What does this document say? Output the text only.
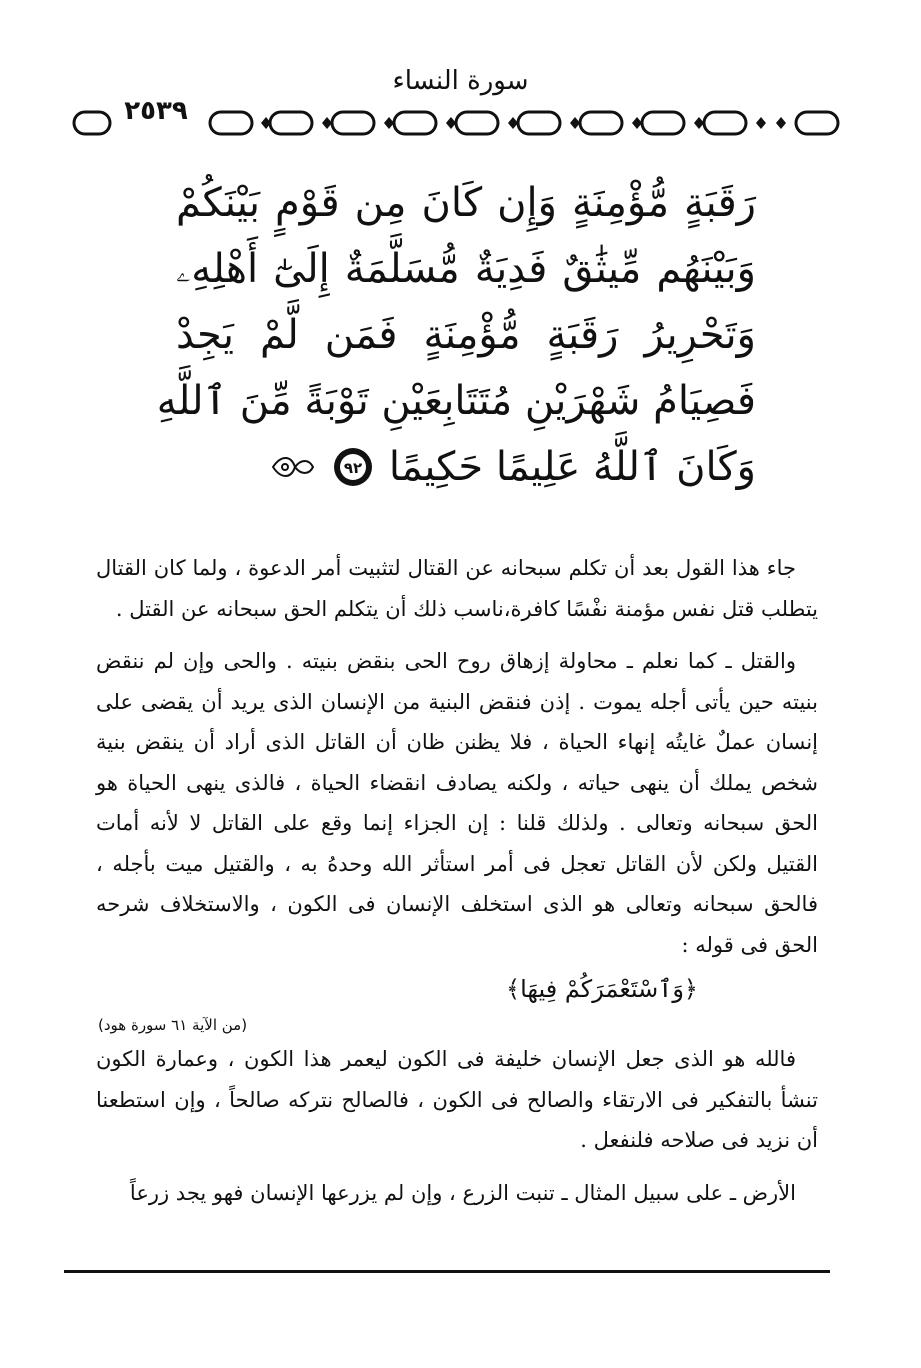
سورة النساء
٢٥٣٩
رَقَبَةٍ مُّؤْمِنَةٍ وَإِن كَانَ مِن قَوْمٍ بَيْنَكُمْ
وَبَيْنَهُم مِّيثَٰقٌ فَدِيَةٌ مُّسَلَّمَةٌ إِلَىٰٓ أَهْلِهِۦ
وَتَحْرِيرُ رَقَبَةٍ مُّؤْمِنَةٍ فَمَن لَّمْ يَجِدْ
فَصِيَامُ شَهْرَيْنِ مُتَتَابِعَيْنِ تَوْبَةً مِّنَ ٱللَّهِ
وَكَانَ ٱللَّهُ عَلِيمًا حَكِيمًا
٩٢

جاء هذا القول بعد أن تكلم سبحانه عن القتال لتثبيت أمر الدعوة ، ولما كان القتال يتطلب قتل نفس مؤمنة نفْسًا كافرة،ناسب ذلك أن يتكلم الحق سبحانه عن القتل .

والقتل ـ كما نعلم ـ محاولة إزهاق روح الحى بنقض بنيته . والحى وإن لم ننقض بنيته حين يأتى أجله يموت . إذن فنقض البنية من الإنسان الذى يريد أن يقضى على إنسان عملٌ غايتُه إنهاء الحياة ، فلا يظنن ظان أن القاتل الذى أراد أن ينقض بنية شخص يملك أن ينهى حياته ، ولكنه يصادف انقضاء الحياة ، فالذى ينهى الحياة هو الحق سبحانه وتعالى . ولذلك قلنا : إن الجزاء إنما وقع على القاتل لا لأنه أمات القتيل ولكن لأن القاتل تعجل فى أمر استأثر الله وحدهُ به ، والقتيل ميت بأجله ، فالحق سبحانه وتعالى هو الذى استخلف الإنسان فى الكون ، والاستخلاف شرحه الحق فى قوله :

﴿وَٱسْتَعْمَرَكُمْ فِيهَا﴾

(من الآية ٦١ سورة هود)

فالله هو الذى جعل الإنسان خليفة فى الكون ليعمر هذا الكون ، وعمارة الكون تنشأ بالتفكير فى الارتقاء والصالح فى الكون ، فالصالح نتركه صالحاً ، وإن استطعنا أن نزيد فى صلاحه فلنفعل .

الأرض ـ على سبيل المثال ـ تنبت الزرع ، وإن لم يزرعها الإنسان فهو يجد زرعاً
